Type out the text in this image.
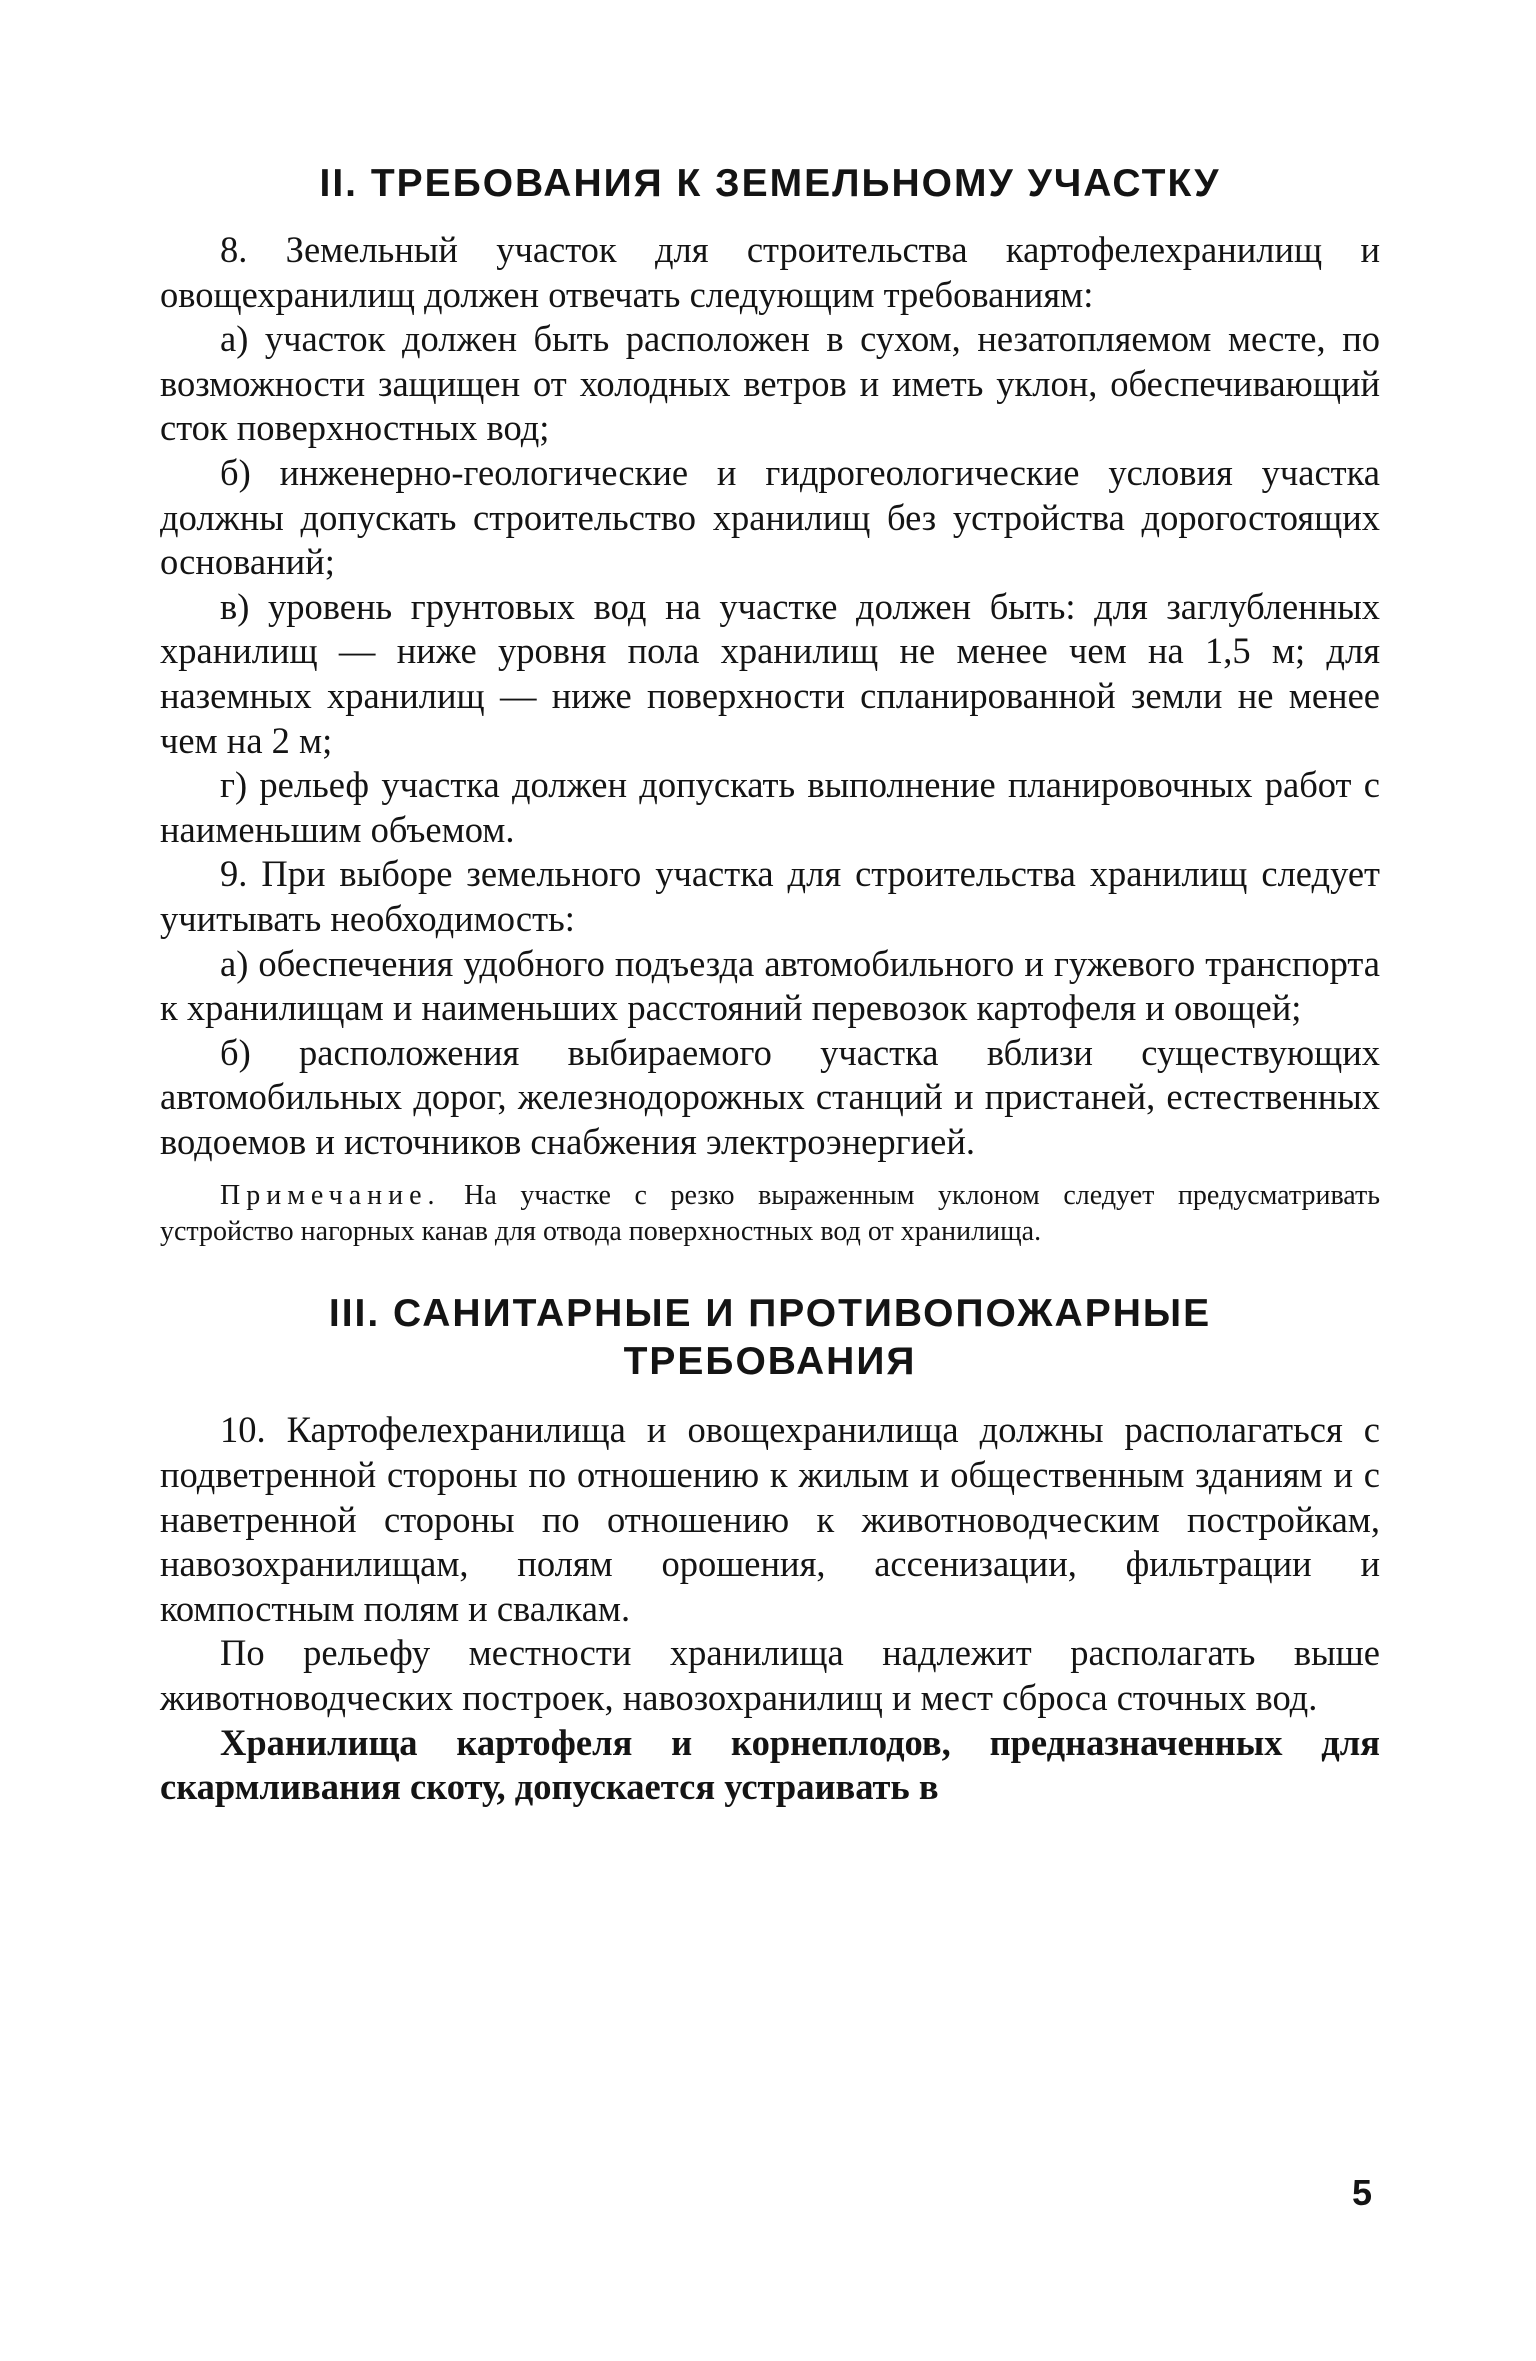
II. ТРЕБОВАНИЯ К ЗЕМЕЛЬНОМУ УЧАСТКУ

8. Земельный участок для строительства картофелехранилищ и овощехранилищ должен отвечать следующим требованиям:

а) участок должен быть расположен в сухом, незатопляемом месте, по возможности защищен от холодных ветров и иметь уклон, обеспечивающий сток поверхностных вод;

б) инженерно-геологические и гидрогеологические условия участка должны допускать строительство хранилищ без устройства дорогостоящих оснований;

в) уровень грунтовых вод на участке должен быть: для заглубленных хранилищ — ниже уровня пола хранилищ не менее чем на 1,5 м; для наземных хранилищ — ниже поверхности спланированной земли не менее чем на 2 м;

г) рельеф участка должен допускать выполнение планировочных работ с наименьшим объемом.

9. При выборе земельного участка для строительства хранилищ следует учитывать необходимость:

а) обеспечения удобного подъезда автомобильного и гужевого транспорта к хранилищам и наименьших расстояний перевозок картофеля и овощей;

б) расположения выбираемого участка вблизи существующих автомобильных дорог, железнодорожных станций и пристаней, естественных водоемов и источников снабжения электроэнергией.

Примечание. На участке с резко выраженным уклоном следует предусматривать устройство нагорных канав для отвода поверхностных вод от хранилища.

III. САНИТАРНЫЕ И ПРОТИВОПОЖАРНЫЕ
ТРЕБОВАНИЯ

10. Картофелехранилища и овощехранилища должны располагаться с подветренной стороны по отношению к жилым и общественным зданиям и с наветренной стороны по отношению к животноводческим постройкам, навозохранилищам, полям орошения, ассенизации, фильтрации и компостным полям и свалкам.

По рельефу местности хранилища надлежит располагать выше животноводческих построек, навозохранилищ и мест сброса сточных вод.

Хранилища картофеля и корнеплодов, предназначенных для скармливания скоту, допускается устраивать в

5
